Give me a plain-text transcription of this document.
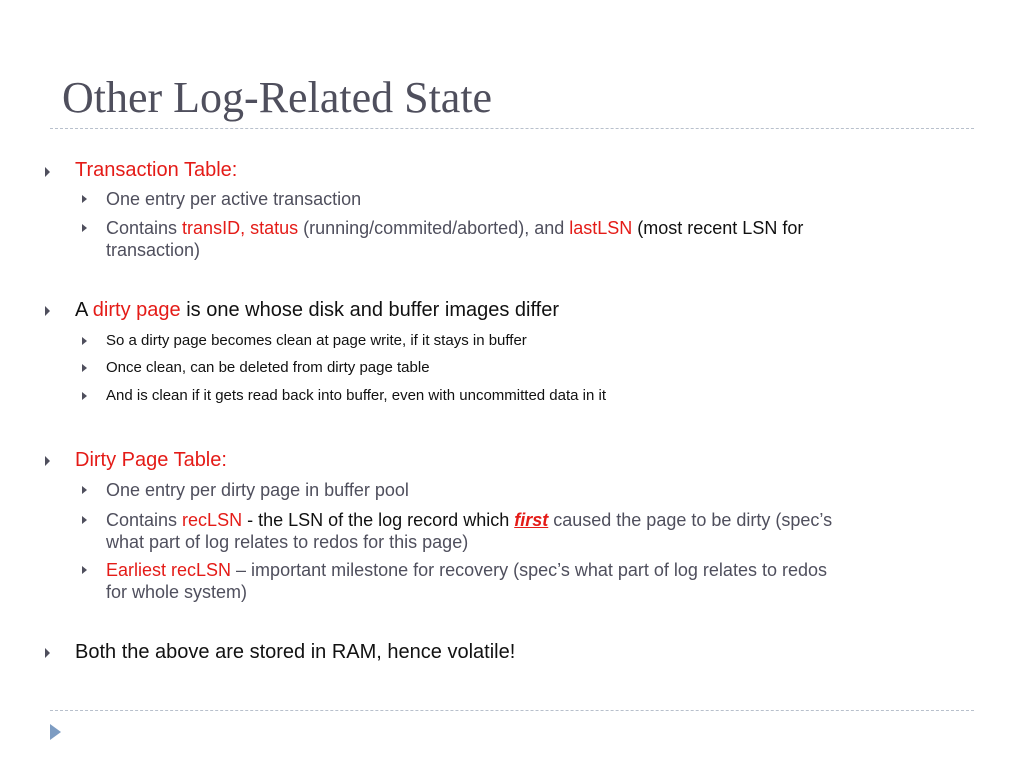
Other Log-Related State
Transaction Table:
One entry per active transaction
Contains transID, status (running/commited/aborted), and lastLSN (most recent LSN for
transaction)
A dirty page is one whose disk and buffer images differ
So a dirty page becomes clean at page write, if it stays in buffer
Once clean, can be deleted from dirty page table
And is clean if it gets read back into buffer, even with uncommitted data in it
Dirty Page Table:
One entry per dirty page in buffer pool
Contains recLSN - the LSN of the log record which first caused the page to be dirty (spec’s
what part of log relates to redos for this page)
Earliest recLSN – important milestone for recovery (spec’s what part of log relates to redos
for whole system)
Both the above are stored in RAM, hence volatile!
